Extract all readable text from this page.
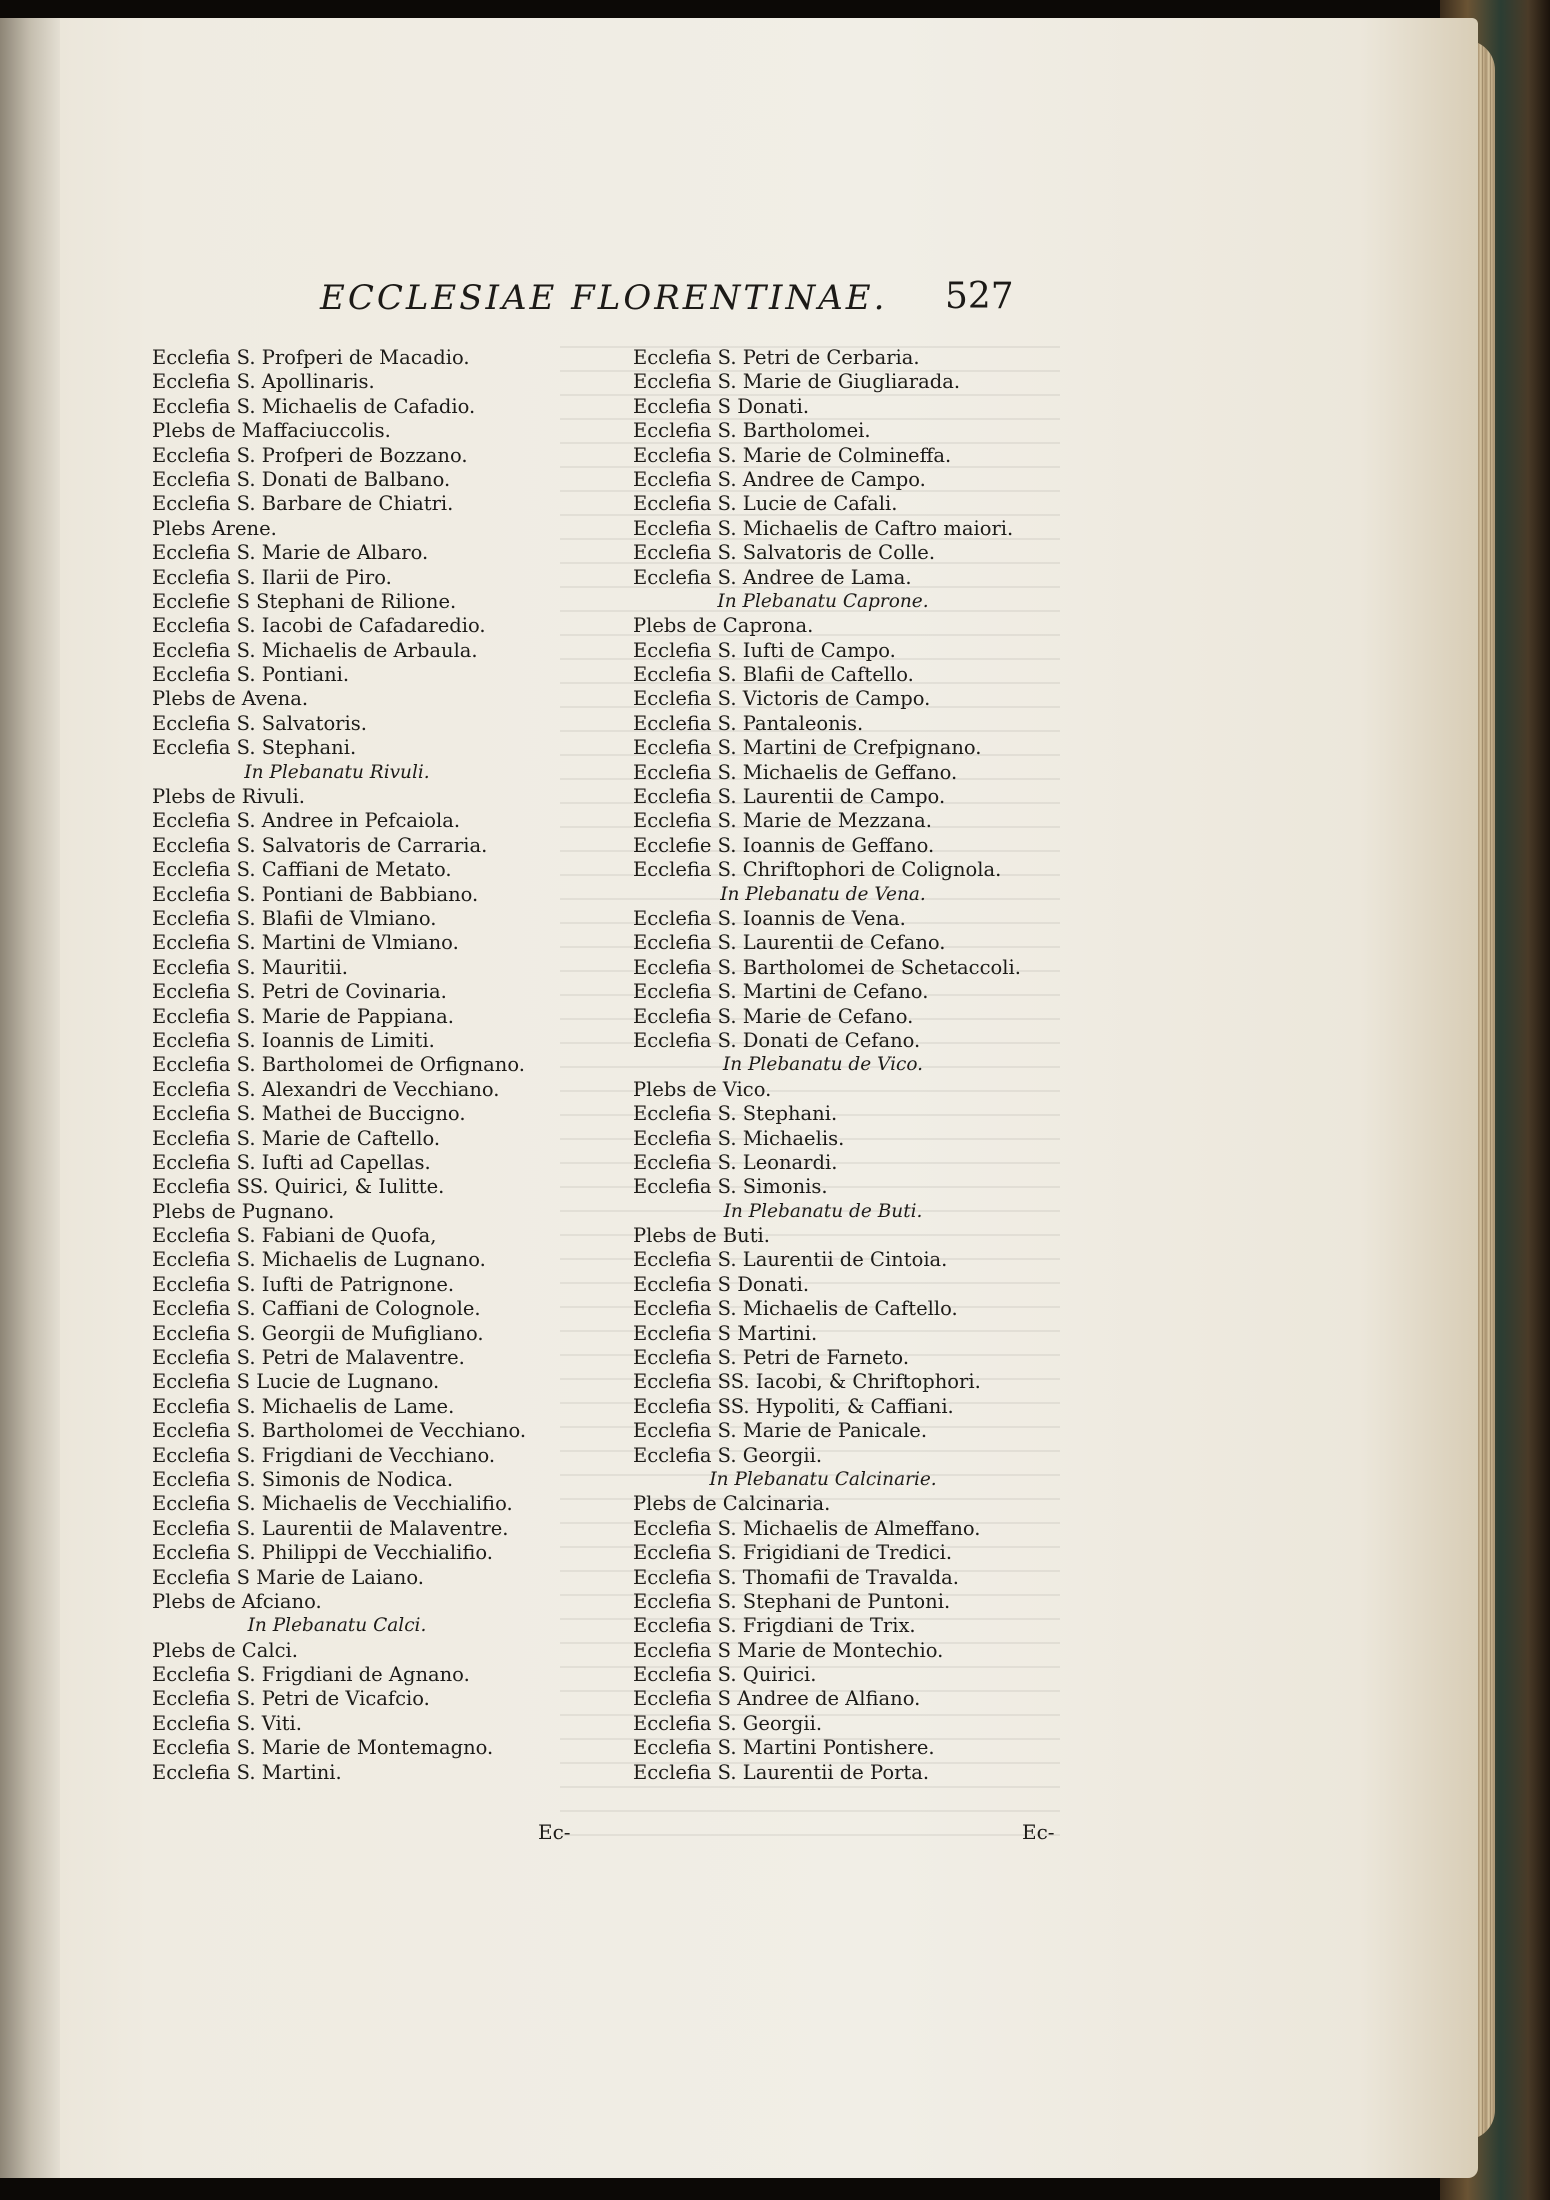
ECCLESIAE FLORENTINAE. 527
Ecclefia S. Profperi de Macadio.
Ecclefia S. Apollinaris.
Ecclefia S. Michaelis de Cafadio.
Plebs de Maffaciuccolis.
Ecclefia S. Profperi de Bozzano.
Ecclefia S. Donati de Balbano.
Ecclefia S. Barbare de Chiatri.
Plebs Arene.
Ecclefia S. Marie de Albaro.
Ecclefia S. Ilarii de Piro.
Ecclefie S Stephani de Rilione.
Ecclefia S. Iacobi de Cafadaredio.
Ecclefia S. Michaelis de Arbaula.
Ecclefia S. Pontiani.
Plebs de Avena.
Ecclefia S. Salvatoris.
Ecclefia S. Stephani.
In Plebanatu Rivuli.
Plebs de Rivuli.
Ecclefia S. Andree in Pefcaiola.
Ecclefia S. Salvatoris de Carraria.
Ecclefia S. Caffiani de Metato.
Ecclefia S. Pontiani de Babbiano.
Ecclefia S. Blafii de Vlmiano.
Ecclefia S. Martini de Vlmiano.
Ecclefia S. Mauritii.
Ecclefia S. Petri de Covinaria.
Ecclefia S. Marie de Pappiana.
Ecclefia S. Ioannis de Limiti.
Ecclefia S. Bartholomei de Orfignano.
Ecclefia S. Alexandri de Vecchiano.
Ecclefia S. Mathei de Buccigno.
Ecclefia S. Marie de Caftello.
Ecclefia S. Iufti ad Capellas.
Ecclefia SS. Quirici, & Iulitte.
Plebs de Pugnano.
Ecclefia S. Fabiani de Quofa,
Ecclefia S. Michaelis de Lugnano.
Ecclefia S. Iufti de Patrignone.
Ecclefia S. Caffiani de Colognole.
Ecclefia S. Georgii de Mufigliano.
Ecclefia S. Petri de Malaventre.
Ecclefia S Lucie de Lugnano.
Ecclefia S. Michaelis de Lame.
Ecclefia S. Bartholomei de Vecchiano.
Ecclefia S. Frigdiani de Vecchiano.
Ecclefia S. Simonis de Nodica.
Ecclefia S. Michaelis de Vecchialifio.
Ecclefia S. Laurentii de Malaventre.
Ecclefia S. Philippi de Vecchialifio.
Ecclefia S Marie de Laiano.
Plebs de Afciano.
In Plebanatu Calci.
Plebs de Calci.
Ecclefia S. Frigdiani de Agnano.
Ecclefia S. Petri de Vicafcio.
Ecclefia S. Viti.
Ecclefia S. Marie de Montemagno.
Ecclefia S. Martini.
Ecclefia S. Petri de Cerbaria.
Ecclefia S. Marie de Giugliarada.
Ecclefia S Donati.
Ecclefia S. Bartholomei.
Ecclefia S. Marie de Colmineffa.
Ecclefia S. Andree de Campo.
Ecclefia S. Lucie de Cafali.
Ecclefia S. Michaelis de Caftro maiori.
Ecclefia S. Salvatoris de Colle.
Ecclefia S. Andree de Lama.
In Plebanatu Caprone.
Plebs de Caprona.
Ecclefia S. Iufti de Campo.
Ecclefia S. Blafii de Caftello.
Ecclefia S. Victoris de Campo.
Ecclefia S. Pantaleonis.
Ecclefia S. Martini de Crefpignano.
Ecclefia S. Michaelis de Geffano.
Ecclefia S. Laurentii de Campo.
Ecclefia S. Marie de Mezzana.
Ecclefie S. Ioannis de Geffano.
Ecclefia S. Chriftophori de Colignola.
In Plebanatu de Vena.
Ecclefia S. Ioannis de Vena.
Ecclefia S. Laurentii de Cefano.
Ecclefia S. Bartholomei de Schetaccoli.
Ecclefia S. Martini de Cefano.
Ecclefia S. Marie de Cefano.
Ecclefia S. Donati de Cefano.
In Plebanatu de Vico.
Plebs de Vico.
Ecclefia S. Stephani.
Ecclefia S. Michaelis.
Ecclefia S. Leonardi.
Ecclefia S. Simonis.
In Plebanatu de Buti.
Plebs de Buti.
Ecclefia S. Laurentii de Cintoia.
Ecclefia S Donati.
Ecclefia S. Michaelis de Caftello.
Ecclefia S Martini.
Ecclefia S. Petri de Farneto.
Ecclefia SS. Iacobi, & Chriftophori.
Ecclefia SS. Hypoliti, & Caffiani.
Ecclefia S. Marie de Panicale.
Ecclefia S. Georgii.
In Plebanatu Calcinarie.
Plebs de Calcinaria.
Ecclefia S. Michaelis de Almeffano.
Ecclefia S. Frigidiani de Tredici.
Ecclefia S. Thomafii de Travalda.
Ecclefia S. Stephani de Puntoni.
Ecclefia S. Frigdiani de Trix.
Ecclefia S Marie de Montechio.
Ecclefia S. Quirici.
Ecclefia S Andree de Alfiano.
Ecclefia S. Georgii.
Ecclefia S. Martini Pontishere.
Ecclefia S. Laurentii de Porta.
Ec-	Ec-
